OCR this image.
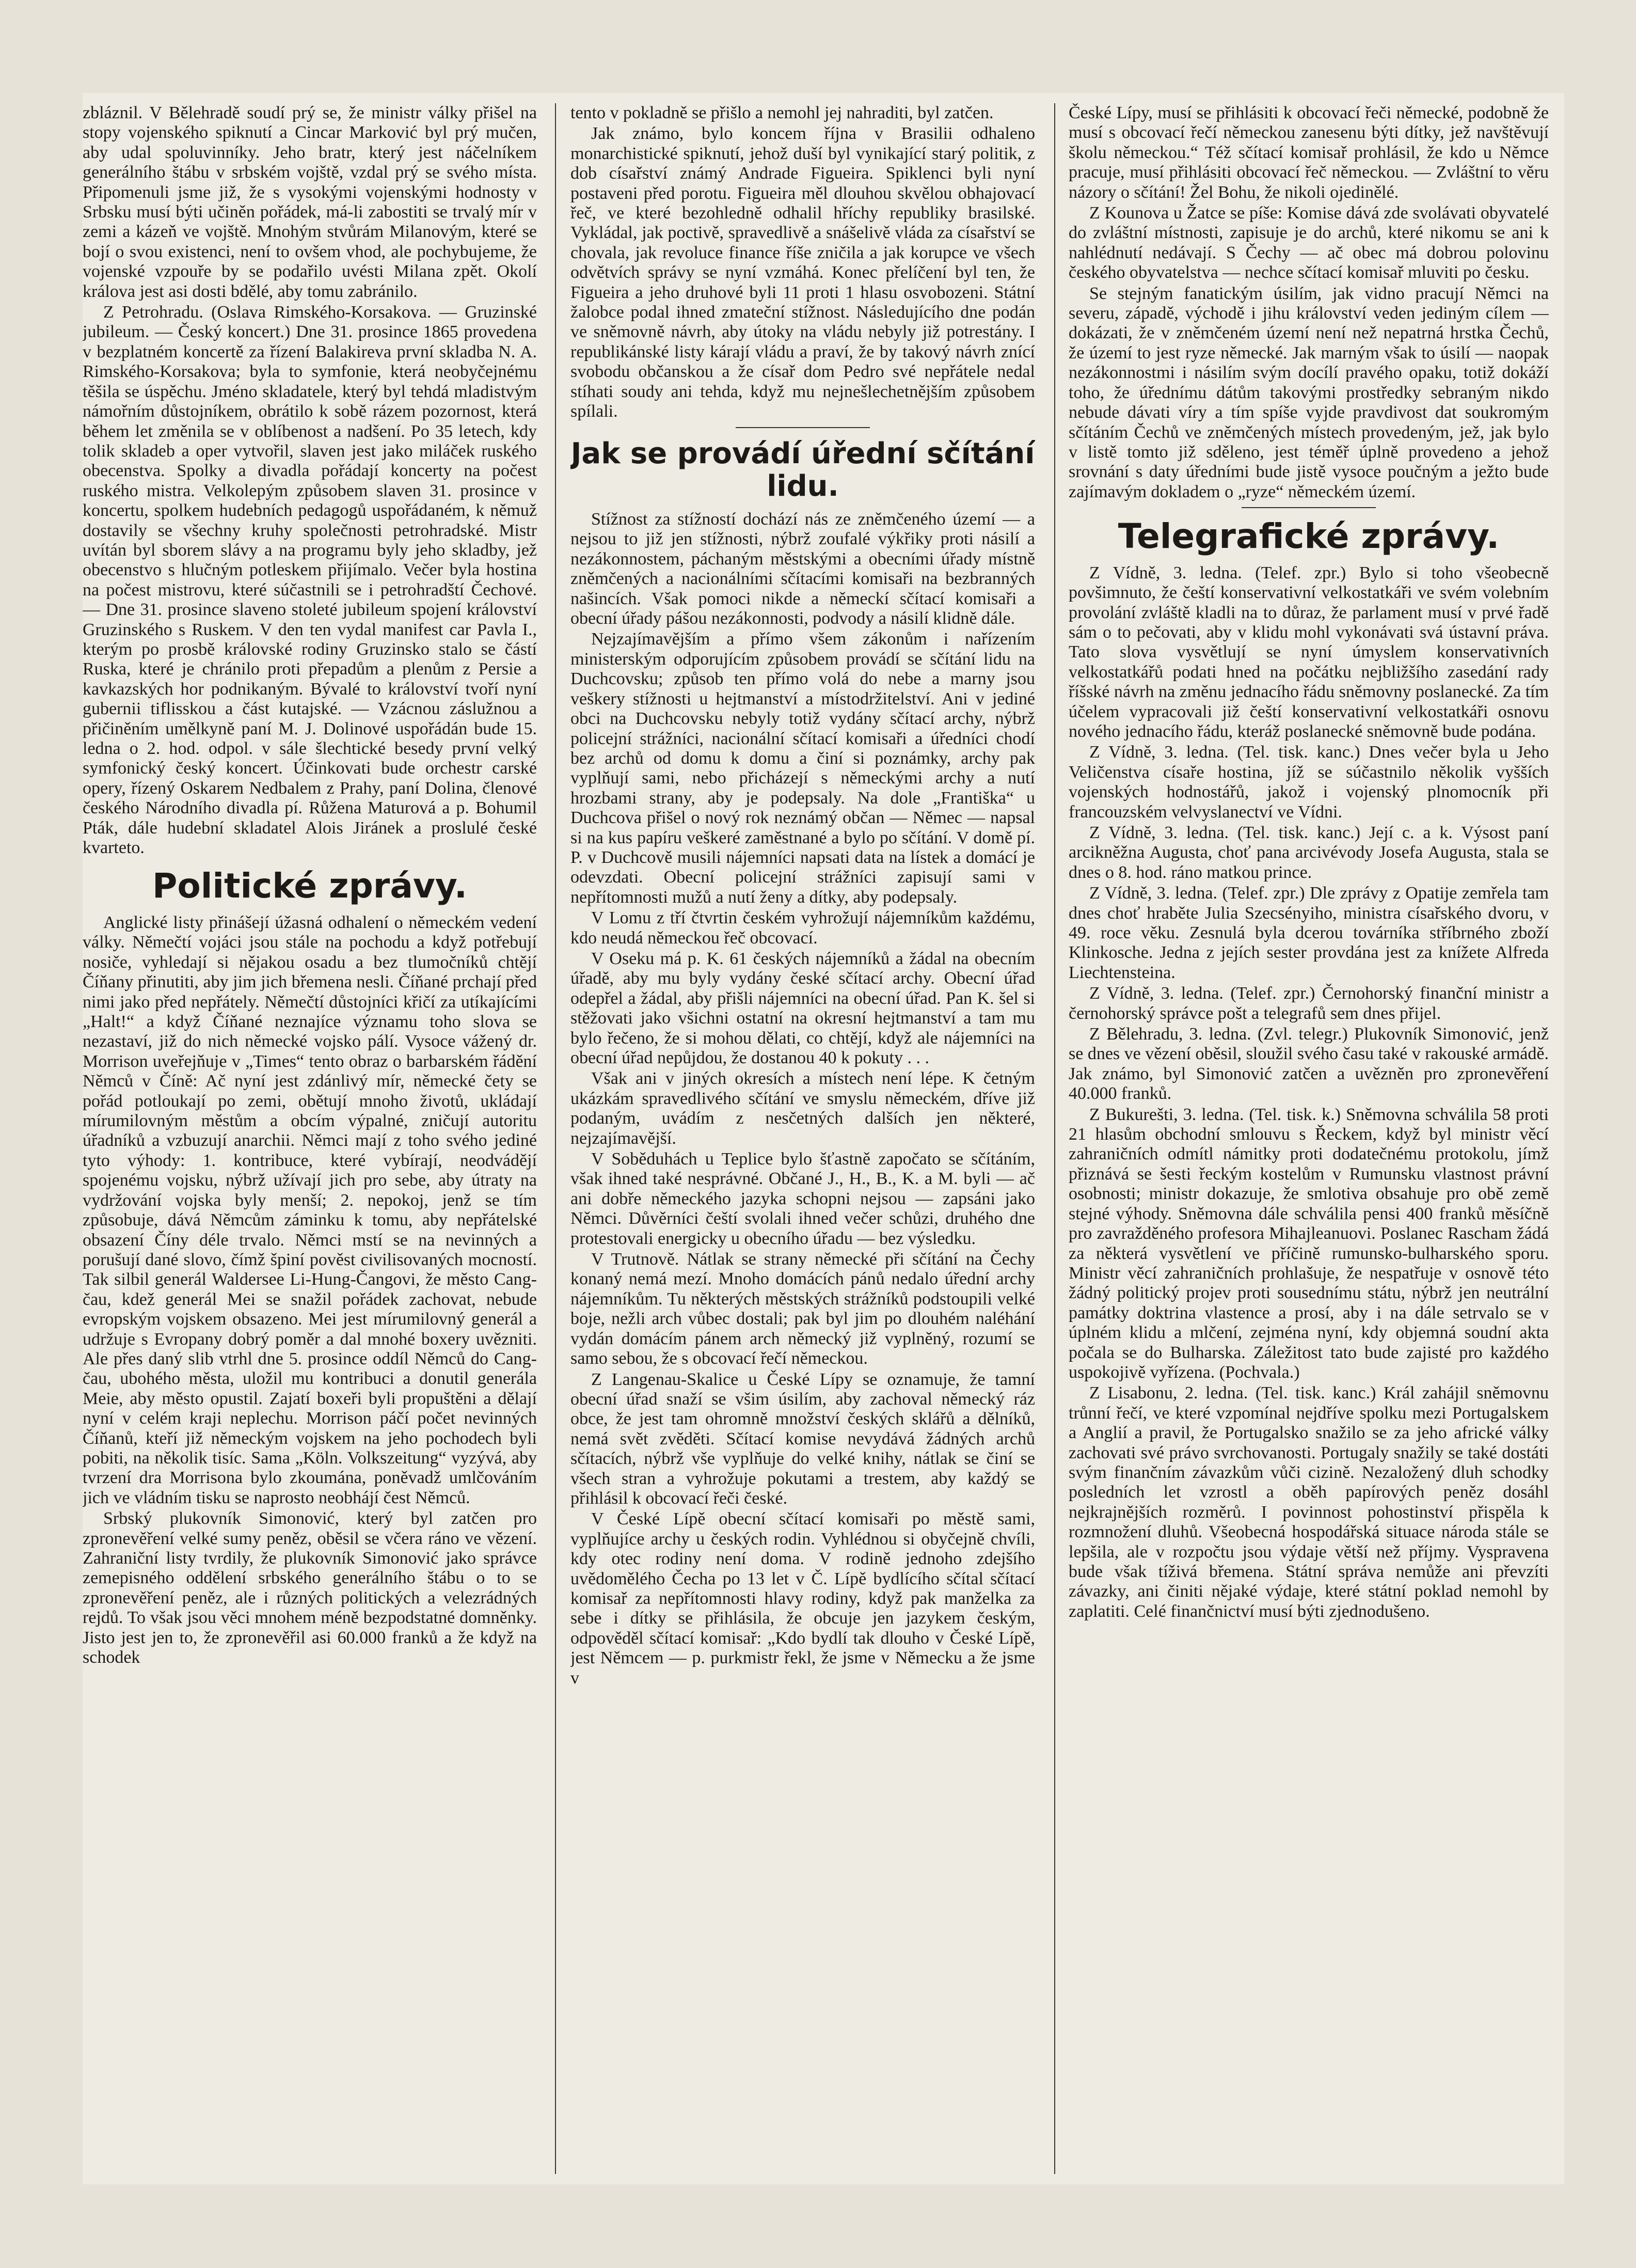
zbláznil. V Bělehradě soudí prý se, že ministr války přišel na stopy vojenského spiknutí a Cincar Marković byl prý mučen, aby udal spoluvinníky. Jeho bratr, který jest náčelníkem generálního štábu v srbském vojště, vzdal prý se svého místa. Připomenuli jsme již, že s vysokými vojenskými hodnosty v Srbsku musí býti učiněn pořádek, má-li zabostiti se trvalý mír v zemi a kázeň ve vojště. Mnohým stvůrám Milanovým, které se bojí o svou existenci, není to ovšem vhod, ale pochybujeme, že vojenské vzpouře by se podařilo uvésti Milana zpět. Okolí králova jest asi dosti bdělé, aby tomu zabránilo.

Z Petrohradu. (Oslava Rimského-Korsakova. — Gruzinské jubileum. — Český koncert.) Dne 31. prosince 1865 provedena v bezplatném koncertě za řízení Balakireva první skladba N. A. Rimského-Korsakova; byla to symfonie, která neobyčejnému těšila se úspěchu. Jméno skladatele, který byl tehdá mladistvým námořním důstojníkem, obrátilo k sobě rázem pozornost, která během let změnila se v oblíbenost a nadšení. Po 35 letech, kdy tolik skladeb a oper vytvořil, slaven jest jako miláček ruského obecenstva. Spolky a divadla pořádají koncerty na počest ruského mistra. Velkolepým způsobem slaven 31. prosince v koncertu, spolkem hudebních pedagogů uspořádaném, k němuž dostavily se všechny kruhy společnosti petrohradské. Mistr uvítán byl sborem slávy a na programu byly jeho skladby, jež obecenstvo s hlučným potleskem přijímalo. Večer byla hostina na počest mistrovu, které súčastnili se i petrohradští Čechové. — Dne 31. prosince slaveno stoleté jubileum spojení království Gruzinského s Ruskem. V den ten vydal manifest car Pavla I., kterým po prosbě královské rodiny Gruzinsko stalo se částí Ruska, které je chránilo proti přepadům a plenům z Persie a kavkazských hor podnikaným. Bývalé to království tvoří nyní gubernii tiflisskou a část kutajské. — Vzácnou záslužnou a přičiněním umělkyně paní M. J. Dolinové uspořádán bude 15. ledna o 2. hod. odpol. v sále šlechtické besedy první velký symfonický český koncert. Účinkovati bude orchestr carské opery, řízený Oskarem Nedbalem z Prahy, paní Dolina, členové českého Národního divadla pí. Růžena Maturová a p. Bohumil Pták, dále hudební skladatel Alois Jiránek a proslulé české kvarteto.

Politické zprávy.

Anglické listy přinášejí úžasná odhalení o německém vedení války. Němečtí vojáci jsou stále na pochodu a když potřebují nosiče, vyhledají si nějakou osadu a bez tlumočníků chtějí Číňany přinutiti, aby jim jich břemena nesli. Číňané prchají před nimi jako před nepřátely. Němečtí důstojníci křičí za utíkajícími „Halt!“ a když Číňané neznajíce významu toho slova se nezastaví, již do nich německé vojsko pálí. Vysoce vážený dr. Morrison uveřejňuje v „Times“ tento obraz o barbarském řádění Němců v Číně: Ač nyní jest zdánlivý mír, německé čety se pořád potloukají po zemi, obětují mnoho životů, ukládají mírumilovným městům a obcím výpalné, zničují autoritu úřadníků a vzbuzují anarchii. Němci mají z toho svého jediné tyto výhody: 1. kontribuce, které vybírají, neodvádějí spojenému vojsku, nýbrž užívají jich pro sebe, aby útraty na vydržování vojska byly menší; 2. nepokoj, jenž se tím způsobuje, dává Němcům záminku k tomu, aby nepřátelské obsazení Číny déle trvalo. Němci mstí se na nevinných a porušují dané slovo, čímž špiní pověst civilisovaných mocností. Tak silbil generál Waldersee Li-Hung-Čangovi, že město Cang-čau, kdež generál Mei se snažil pořádek zachovat, nebude evropským vojskem obsazeno. Mei jest mírumilovný generál a udržuje s Evropany dobrý poměr a dal mnohé boxery uvězniti. Ale přes daný slib vtrhl dne 5. prosince oddíl Němců do Cang-čau, ubohého města, uložil mu kontribuci a donutil generála Meie, aby město opustil. Zajatí boxeři byli propuštěni a dělají nyní v celém kraji neplechu. Morrison páčí počet nevinných Číňanů, kteří již německým vojskem na jeho pochodech byli pobiti, na několik tisíc. Sama „Köln. Volkszeitung“ vyzývá, aby tvrzení dra Morrisona bylo zkoumána, poněvadž umlčováním jich ve vládním tisku se naprosto neobhájí čest Němců.

Srbský plukovník Simonović, který byl zatčen pro zpronevěření velké sumy peněz, oběsil se včera ráno ve vězení. Zahraniční listy tvrdily, že plukovník Simonović jako správce zemepisného oddělení srbského generálního štábu o to se zpronevěření peněz, ale i různých politických a velezrádných rejdů. To však jsou věci mnohem méně bezpodstatné domněnky. Jisto jest jen to, že zpronevěřil asi 60.000 franků a že když na schodek

tento v pokladně se přišlo a nemohl jej nahraditi, byl zatčen.

Jak známo, bylo koncem října v Brasilii odhaleno monarchistické spiknutí, jehož duší byl vynikající starý politik, z dob císařství známý Andrade Figueira. Spiklenci byli nyní postaveni před porotu. Figueira měl dlouhou skvělou obhajovací řeč, ve které bezohledně odhalil hříchy republiky brasilské. Vykládal, jak poctivě, spravedlivě a snášelivě vláda za císařství se chovala, jak revoluce finance říše zničila a jak korupce ve všech odvětvích správy se nyní vzmáhá. Konec přelíčení byl ten, že Figueira a jeho druhové byli 11 proti 1 hlasu osvobozeni. Státní žalobce podal ihned zmateční stížnost. Následujícího dne podán ve sněmovně návrh, aby útoky na vládu nebyly již potrestány. I republikánské listy kárají vládu a praví, že by takový návrh znící svobodu občanskou a že císař dom Pedro své nepřátele nedal stíhati soudy ani tehda, když mu nejnešlechetnějším způsobem spílali.

Jak se provádí úřední sčítání lidu.

Stížnost za stížností dochází nás ze zněmčeného území — a nejsou to již jen stížnosti, nýbrž zoufalé výkřiky proti násilí a nezákonnostem, páchaným městskými a obecními úřady místně zněmčených a nacionálními sčítacími komisaři na bezbranných našincích. Však pomoci nikde a německí sčítací komisaři a obecní úřady pášou nezákonnosti, podvody a násilí klidně dále.

Nejzajímavějším a přímo všem zákonům i nařízením ministerským odporujícím způsobem provádí se sčítání lidu na Duchcovsku; způsob ten přímo volá do nebe a marny jsou veškery stížnosti u hejtmanství a místodržitelství. Ani v jediné obci na Duchcovsku nebyly totiž vydány sčítací archy, nýbrž policejní strážníci, nacionální sčítací komisaři a úředníci chodí bez archů od domu k domu a činí si poznámky, archy pak vyplňují sami, nebo přicházejí s německými archy a nutí hrozbami strany, aby je podepsaly. Na dole „Františka“ u Duchcova přišel o nový rok neznámý občan — Němec — napsal si na kus papíru veškeré zaměstnané a bylo po sčítání. V domě pí. P. v Duchcově musili nájemníci napsati data na lístek a domácí je odevzdati. Obecní policejní strážníci zapisují sami v nepřítomnosti mužů a nutí ženy a dítky, aby podepsaly.

V Lomu z tří čtvrtin českém vyhrožují nájemníkům každému, kdo neudá německou řeč obcovací.

V Oseku má p. K. 61 českých nájemníků a žádal na obecním úřadě, aby mu byly vydány české sčítací archy. Obecní úřad odepřel a žádal, aby přišli nájemníci na obecní úřad. Pan K. šel si stěžovati jako všichni ostatní na okresní hejtmanství a tam mu bylo řečeno, že si mohou dělati, co chtějí, když ale nájemníci na obecní úřad nepůjdou, že dostanou 40 k pokuty . . .

Však ani v jiných okresích a místech není lépe. K četným ukázkám spravedlivého sčítání ve smyslu německém, dříve již podaným, uvádím z nesčetných dalších jen některé, nejzajímavější.

V Soběduhách u Teplice bylo šťastně započato se sčítáním, však ihned také nesprávné. Občané J., H., B., K. a M. byli — ač ani dobře německého jazyka schopni nejsou — zapsáni jako Němci. Důvěrníci čeští svolali ihned večer schůzi, druhého dne protestovali energicky u obecního úřadu — bez výsledku.

V Trutnově. Nátlak se strany německé při sčítání na Čechy konaný nemá mezí. Mnoho domácích pánů nedalo úřední archy nájemníkům. Tu některých městských strážníků podstoupili velké boje, nežli arch vůbec dostali; pak byl jim po dlouhém naléhání vydán domácím pánem arch německý již vyplněný, rozumí se samo sebou, že s obcovací řečí německou.

Z Langenau-Skalice u České Lípy se oznamuje, že tamní obecní úřad snaží se všim úsilím, aby zachoval německý ráz obce, že jest tam ohromně množství českých sklářů a dělníků, nemá svět zvěděti. Sčítací komise nevydává žádných archů sčítacích, nýbrž vše vyplňuje do velké knihy, nátlak se činí se všech stran a vyhrožuje pokutami a trestem, aby každý se přihlásil k obcovací řeči české.

V České Lípě obecní sčítací komisaři po městě sami, vyplňujíce archy u českých rodin. Vyhlédnou si obyčejně chvíli, kdy otec rodiny není doma. V rodině jednoho zdejšího uvědomělého Čecha po 13 let v Č. Lípě bydlícího sčítal sčítací komisař za nepřítomnosti hlavy rodiny, když pak manželka za sebe i dítky se přihlásila, že obcuje jen jazykem českým, odpověděl sčítací komisař: „Kdo bydlí tak dlouho v České Lípě, jest Němcem — p. purkmistr řekl, že jsme v Německu a že jsme v

České Lípy, musí se přihlásiti k obcovací řeči německé, podobně že musí s obcovací řečí německou zanesenu býti dítky, jež navštěvují školu německou.“ Též sčítací komisař prohlásil, že kdo u Němce pracuje, musí přihlásiti obcovací řeč německou. — Zvláštní to věru názory o sčítání! Žel Bohu, že nikoli ojedinělé.

Z Kounova u Žatce se píše: Komise dává zde svolávati obyvatelé do zvláštní místnosti, zapisuje je do archů, které nikomu se ani k nahlédnutí nedávají. S Čechy — ač obec má dobrou polovinu českého obyvatelstva — nechce sčítací komisař mluviti po česku.

Se stejným fanatickým úsilím, jak vidno pracují Němci na severu, západě, východě i jihu království veden jediným cílem — dokázati, že v zněmčeném území není než nepatrná hrstka Čechů, že území to jest ryze německé. Jak marným však to úsilí — naopak nezákonnostmi i násilím svým docílí pravého opaku, totiž dokáží toho, že úřednímu dátům takovými prostředky sebraným nikdo nebude dávati víry a tím spíše vyjde pravdivost dat soukromým sčítáním Čechů ve zněmčených místech provedeným, jež, jak bylo v listě tomto již sděleno, jest téměř úplně provedeno a jehož srovnání s daty úředními bude jistě vysoce poučným a ježto bude zajímavým dokladem o „ryze“ německém území.

Telegrafické zprávy.

Z Vídně, 3. ledna. (Telef. zpr.) Bylo si toho všeobecně povšimnuto, že čeští konservativní velkostatkáři ve svém volebním provolání zvláště kladli na to důraz, že parlament musí v prvé řadě sám o to pečovati, aby v klidu mohl vykonávati svá ústavní práva. Tato slova vysvětlují se nyní úmyslem konservativních velkostatkářů podati hned na počátku nejbližšího zasedání rady říšské návrh na změnu jednacího řádu sněmovny poslanecké. Za tím účelem vypracovali již čeští konservativní velkostatkáři osnovu nového jednacího řádu, kteráž poslanecké sněmovně bude podána.

Z Vídně, 3. ledna. (Tel. tisk. kanc.) Dnes večer byla u Jeho Veličenstva císaře hostina, jíž se súčastnilo několik vyšších vojenských hodnostářů, jakož i vojenský plnomocník při francouzském velvyslanectví ve Vídni.

Z Vídně, 3. ledna. (Tel. tisk. kanc.) Její c. a k. Výsost paní arcikněžna Augusta, choť pana arcivévody Josefa Augusta, stala se dnes o 8. hod. ráno matkou prince.

Z Vídně, 3. ledna. (Telef. zpr.) Dle zprávy z Opatije zemřela tam dnes choť hraběte Julia Szecsényiho, ministra císařského dvoru, v 49. roce věku. Zesnulá byla dcerou továrníka stříbrného zboží Klinkosche. Jedna z jejích sester provdána jest za knížete Alfreda Liechtensteina.

Z Vídně, 3. ledna. (Telef. zpr.) Černohorský finanční ministr a černohorský správce pošt a telegrafů sem dnes přijel.

Z Bělehradu, 3. ledna. (Zvl. telegr.) Plukovník Simonović, jenž se dnes ve vězení oběsil, sloužil svého času také v rakouské armádě. Jak známo, byl Simonović zatčen a uvězněn pro zpronevěření 40.000 franků.

Z Bukurešti, 3. ledna. (Tel. tisk. k.) Sněmovna schválila 58 proti 21 hlasům obchodní smlouvu s Řeckem, když byl ministr věcí zahraničních odmítl námitky proti dodatečnému protokolu, jímž přiznává se šesti řeckým kostelům v Rumunsku vlastnost právní osobnosti; ministr dokazuje, že smlotiva obsahuje pro obě země stejné výhody. Sněmovna dále schválila pensi 400 franků měsíčně pro zavražděného profesora Mihajleanuovi. Poslanec Rascham žádá za některá vysvětlení ve příčině rumunsko-bulharského sporu. Ministr věcí zahraničních prohlašuje, že nespatřuje v osnově této žádný politický projev proti sousednímu státu, nýbrž jen neutrální památky doktrina vlastence a prosí, aby i na dále setrvalo se v úplném klidu a mlčení, zejména nyní, kdy objemná soudní akta počala se do Bulharska. Záležitost tato bude zajisté pro každého uspokojivě vyřízena. (Pochvala.)

Z Lisabonu, 2. ledna. (Tel. tisk. kanc.) Král zahájil sněmovnu trůnní řečí, ve které vzpomínal nejdříve spolku mezi Portugalskem a Anglií a pravil, že Portugalsko snažilo se za jeho africké války zachovati své právo svrchovanosti. Portugaly snažily se také dostáti svým finančním závazkům vůči cizině. Nezaložený dluh schodky posledních let vzrostl a oběh papírových peněz dosáhl nejkrajnějších rozměrů. I povinnost pohostinství přispěla k rozmnožení dluhů. Všeobecná hospodářská situace národa stále se lepšila, ale v rozpočtu jsou výdaje větší než příjmy. Vyspravena bude však tíživá břemena. Státní správa nemůže ani převzíti závazky, ani činiti nějaké výdaje, které státní poklad nemohl by zaplatiti. Celé finančnictví musí býti zjednodušeno.
